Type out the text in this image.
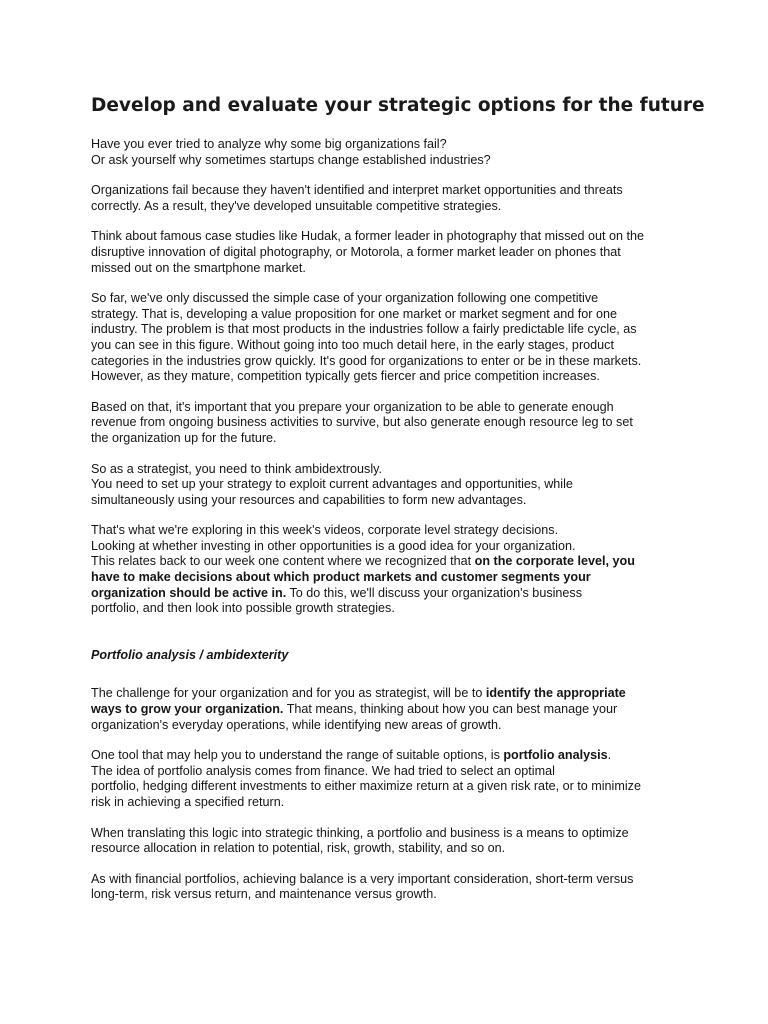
Develop and evaluate your strategic options for the future

Have you ever tried to analyze why some big organizations fail?
Or ask yourself why sometimes startups change established industries?

Organizations fail because they haven't identified and interpret market opportunities and threats
correctly. As a result, they've developed unsuitable competitive strategies.

Think about famous case studies like Hudak, a former leader in photography that missed out on the
disruptive innovation of digital photography, or Motorola, a former market leader on phones that
missed out on the smartphone market.

So far, we've only discussed the simple case of your organization following one competitive
strategy. That is, developing a value proposition for one market or market segment and for one
industry. The problem is that most products in the industries follow a fairly predictable life cycle, as
you can see in this figure. Without going into too much detail here, in the early stages, product
categories in the industries grow quickly. It's good for organizations to enter or be in these markets.
However, as they mature, competition typically gets fiercer and price competition increases.

Based on that, it's important that you prepare your organization to be able to generate enough
revenue from ongoing business activities to survive, but also generate enough resource leg to set
the organization up for the future.

So as a strategist, you need to think ambidextrously.
You need to set up your strategy to exploit current advantages and opportunities, while
simultaneously using your resources and capabilities to form new advantages.

That's what we're exploring in this week's videos, corporate level strategy decisions.
Looking at whether investing in other opportunities is a good idea for your organization.
This relates back to our week one content where we recognized that on the corporate level, you
have to make decisions about which product markets and customer segments your
organization should be active in. To do this, we'll discuss your organization's business
portfolio, and then look into possible growth strategies.

Portfolio analysis / ambidexterity

The challenge for your organization and for you as strategist, will be to identify the appropriate
ways to grow your organization. That means, thinking about how you can best manage your
organization's everyday operations, while identifying new areas of growth.

One tool that may help you to understand the range of suitable options, is portfolio analysis.
The idea of portfolio analysis comes from finance. We had tried to select an optimal
portfolio, hedging different investments to either maximize return at a given risk rate, or to minimize
risk in achieving a specified return.

When translating this logic into strategic thinking, a portfolio and business is a means to optimize
resource allocation in relation to potential, risk, growth, stability, and so on.

As with financial portfolios, achieving balance is a very important consideration, short-term versus
long-term, risk versus return, and maintenance versus growth.
